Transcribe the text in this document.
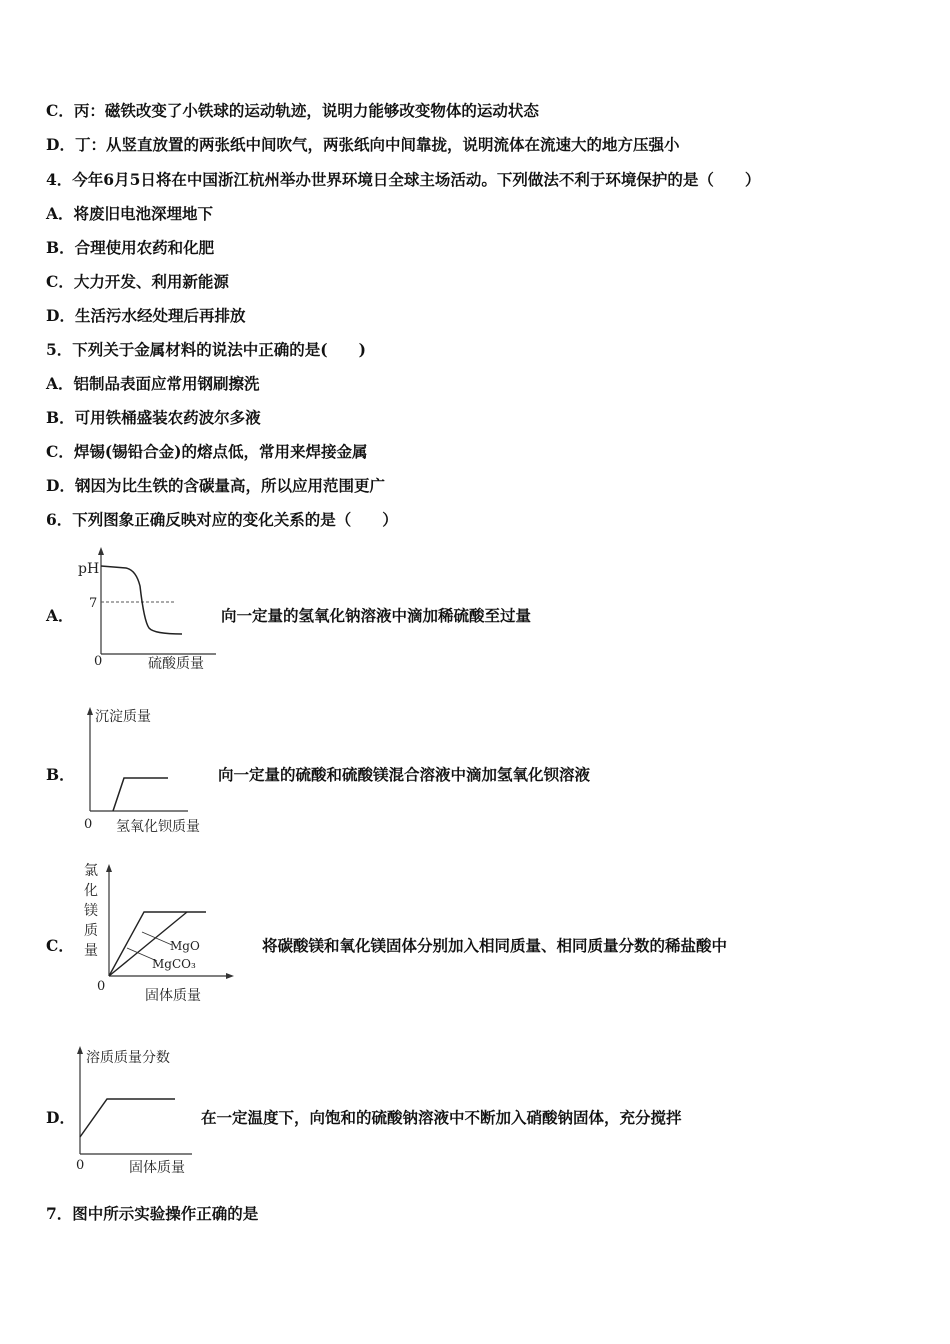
C．丙：磁铁改变了小铁球的运动轨迹，说明力能够改变物体的运动状态
D．丁：从竖直放置的两张纸中间吹气，两张纸向中间靠拢，说明流体在流速大的地方压强小
4．今年6月5日将在中国浙江杭州举办世界环境日全球主场活动。下列做法不利于环境保护的是（　　）
A．将废旧电池深埋地下
B．合理使用农药和化肥
C．大力开发、利用新能源
D．生活污水经处理后再排放
5．下列关于金属材料的说法中正确的是(　　)
A．铝制品表面应常用钢刷擦洗
B．可用铁桶盛装农药波尔多液
C．焊锡(锡铅合金)的熔点低，常用来焊接金属
D．钢因为比生铁的含碳量高，所以应用范围更广
6．下列图象正确反映对应的变化关系的是（　　）
A．
pH
7
0	硫酸质量
向一定量的氢氧化钠溶液中滴加稀硫酸至过量
B．
沉淀质量
0 氢氧化钡质量
向一定量的硫酸和硫酸镁混合溶液中滴加氢氧化钡溶液
C．
氯
化
镁
质
量	MgO
MgCO₃
0
固体质量
将碳酸镁和氧化镁固体分别加入相同质量、相同质量分数的稀盐酸中
D．
溶质质量分数
0	固体质量
在一定温度下，向饱和的硫酸钠溶液中不断加入硝酸钠固体，充分搅拌
7．图中所示实验操作正确的是
